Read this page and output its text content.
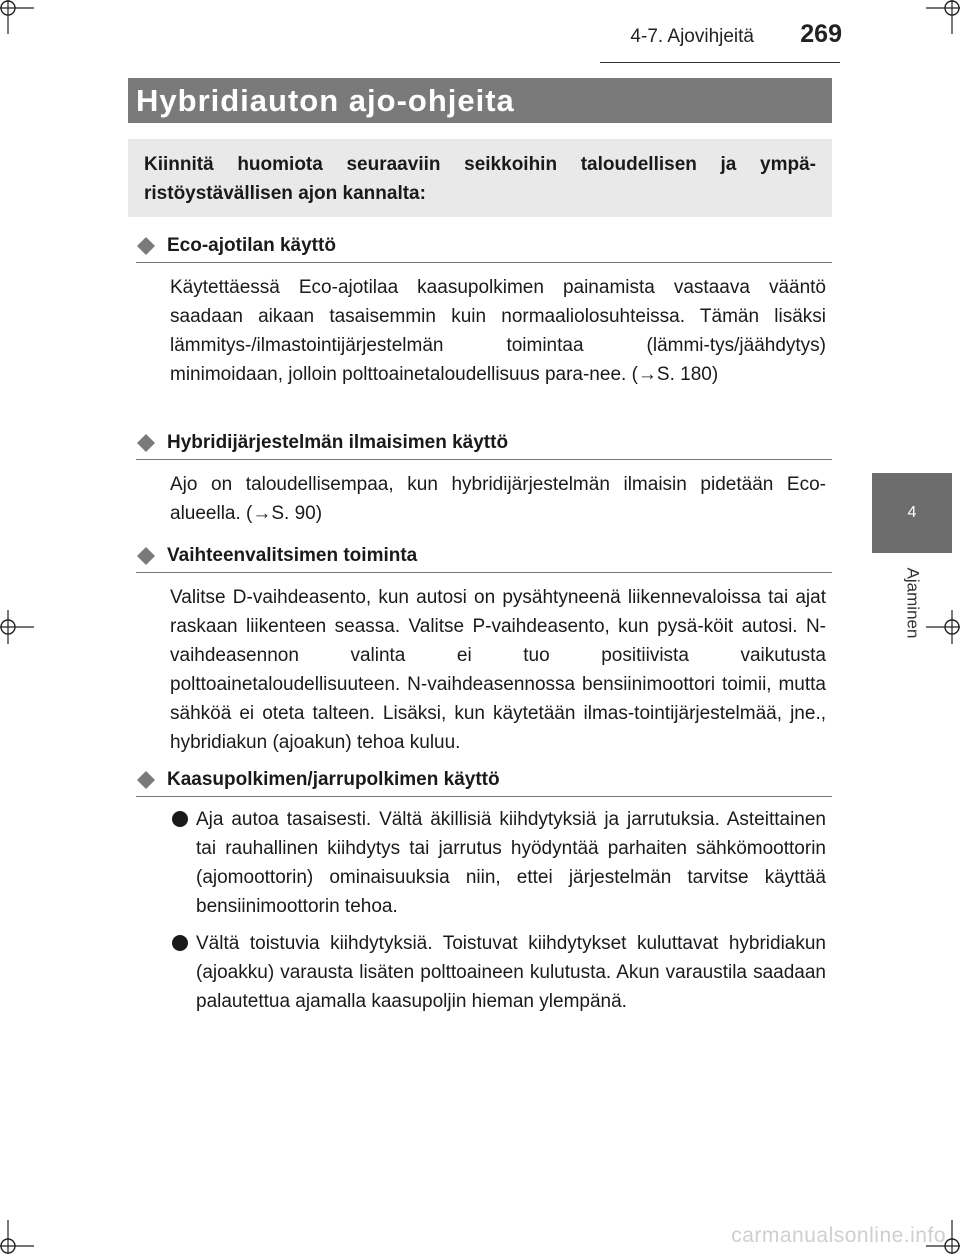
4-7. Ajovihjeitä	269
4
Ajaminen
Hybridiauton ajo-ohjeita
Kiinnitä huomiota seuraaviin seikkoihin taloudellisen ja ympä-ristöystävällisen ajon kannalta:
Eco-ajotilan käyttö
Käytettäessä Eco-ajotilaa kaasupolkimen painamista vastaava vääntö saadaan aikaan tasaisemmin kuin normaaliolosuhteissa. Tämän lisäksi lämmitys-/ilmastointijärjestelmän toimintaa (lämmi-tys/jäähdytys) minimoidaan, jolloin polttoainetaloudellisuus para-nee. (→S. 180)
Hybridijärjestelmän ilmaisimen käyttö
Ajo on taloudellisempaa, kun hybridijärjestelmän ilmaisin pidetään Eco-alueella. (→S. 90)
Vaihteenvalitsimen toiminta
Valitse D-vaihdeasento, kun autosi on pysähtyneenä liikennevaloissa tai ajat raskaan liikenteen seassa. Valitse P-vaihdeasento, kun pysä-köit autosi. N-vaihdeasennon valinta ei tuo positiivista vaikutusta polttoainetaloudellisuuteen. N-vaihdeasennossa bensiinimoottori toimii, mutta sähköä ei oteta talteen. Lisäksi, kun käytetään ilmas-tointijärjestelmää, jne., hybridiakun (ajoakun) tehoa kuluu.
Kaasupolkimen/jarrupolkimen käyttö
Aja autoa tasaisesti. Vältä äkillisiä kiihdytyksiä ja jarrutuksia. Asteittainen tai rauhallinen kiihdytys tai jarrutus hyödyntää parhaiten sähkömoottorin (ajomoottorin) ominaisuuksia niin, ettei järjestelmän tarvitse käyttää bensiinimoottorin tehoa.
Vältä toistuvia kiihdytyksiä. Toistuvat kiihdytykset kuluttavat hybridiakun (ajoakku) varausta lisäten polttoaineen kulutusta. Akun varaustila saadaan palautettua ajamalla kaasupoljin hieman ylempänä.
carmanualsonline.info
